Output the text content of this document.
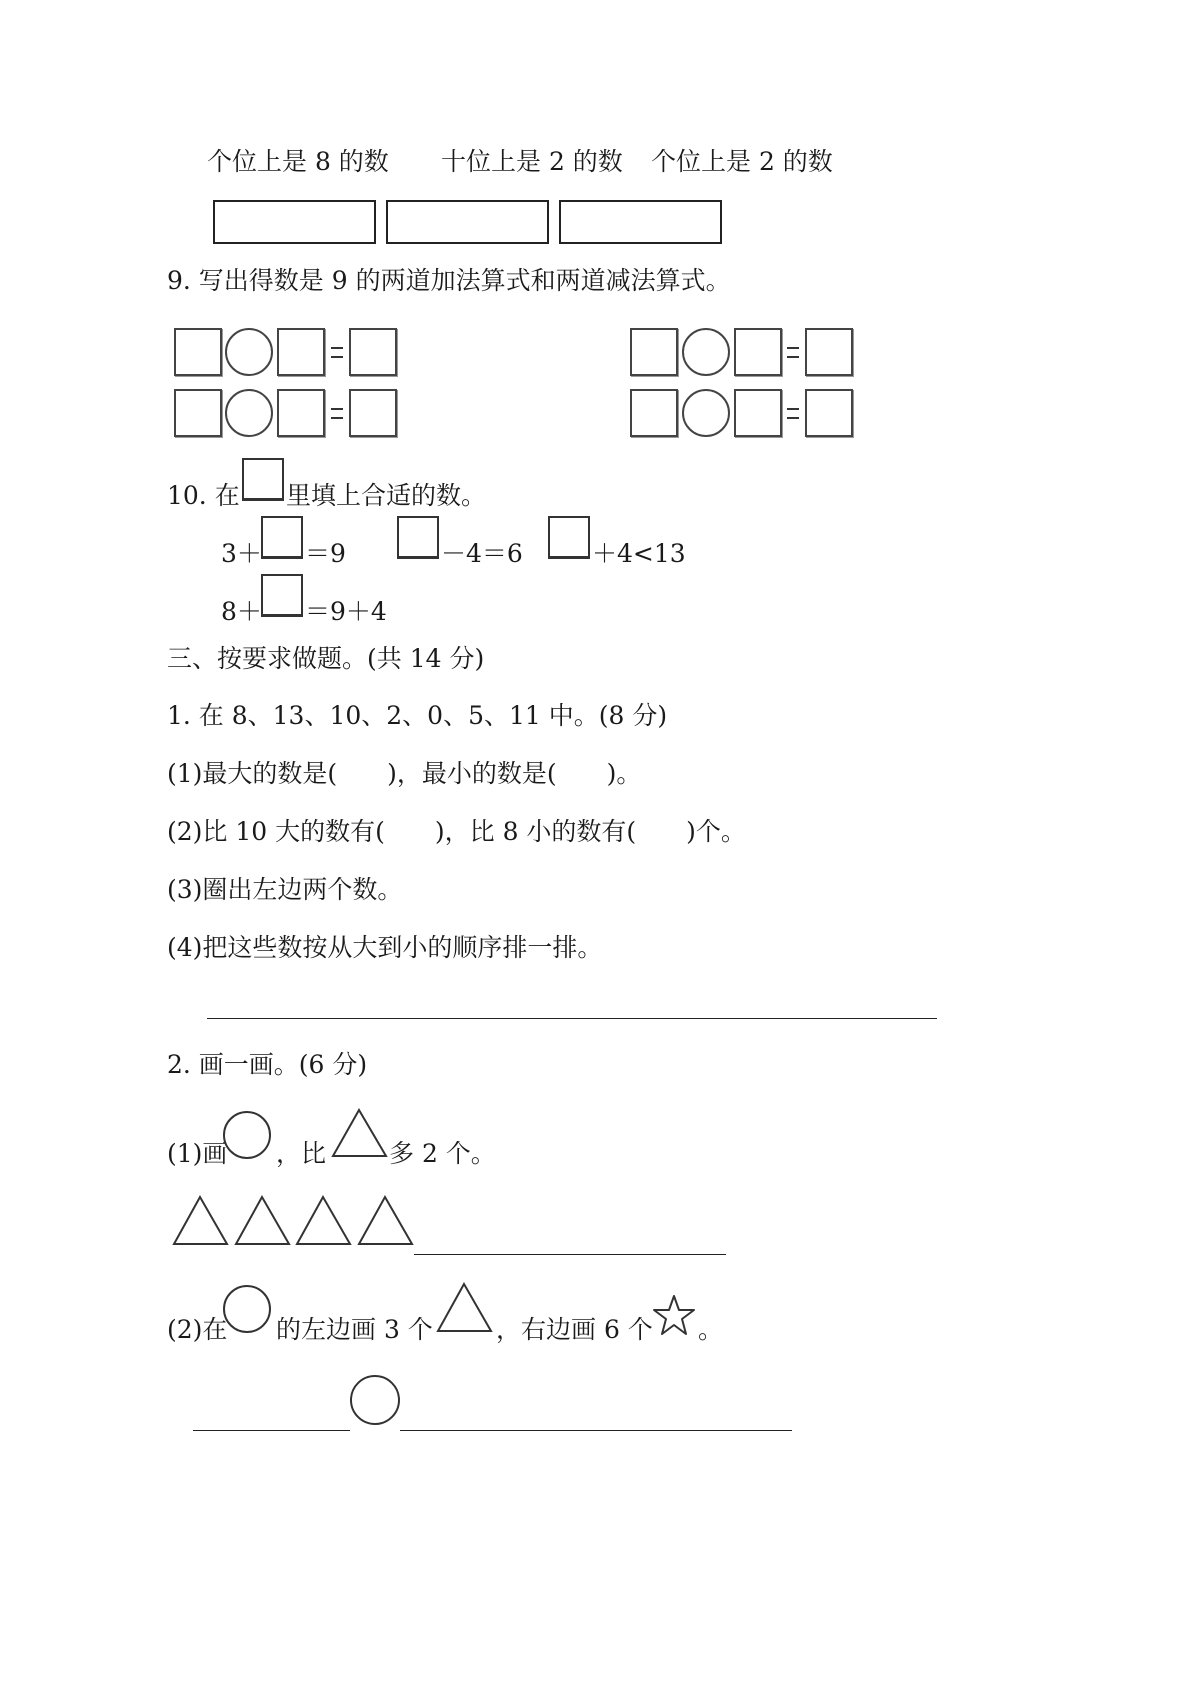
个位上是 8 的数 十位上是 2 的数 个位上是 2 的数
9. 写出得数是 9 的两道加法算式和两道减法算式。
10. 在 里填上合适的数。
3＋ ＝9	－4＝6	＋4<13
8＋ ＝9＋4
三、按要求做题。(共 14 分)
1. 在 8、13、10、2、0、5、11 中。(8 分)
(1)最大的数是(　　)，最小的数是(　　)。
(2)比 10 大的数有(　　)，比 8 小的数有(　　)个。
(3)圈出左边两个数。
(4)把这些数按从大到小的顺序排一排。
2. 画一画。(6 分)
(1)画 ，比	多 2 个。
(2)在 的左边画 3 个	，右边画 6 个 。
